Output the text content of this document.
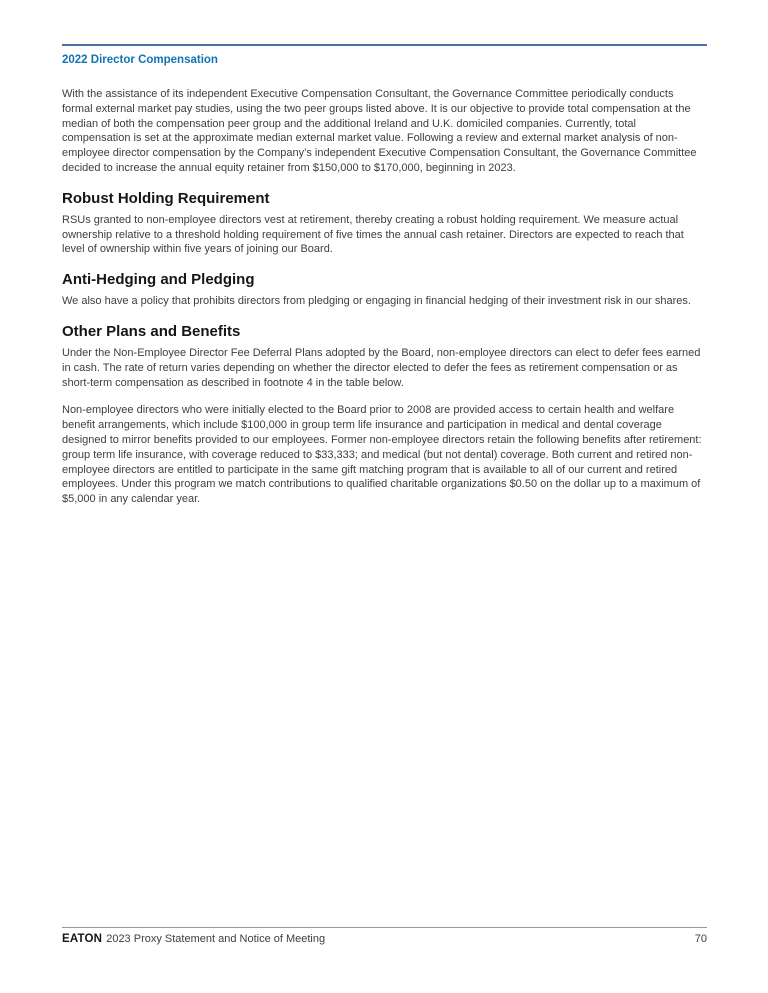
2022 Director Compensation

With the assistance of its independent Executive Compensation Consultant, the Governance Committee periodically conducts formal external market pay studies, using the two peer groups listed above. It is our objective to provide total compensation at the median of both the compensation peer group and the additional Ireland and U.K. domiciled companies. Currently, total compensation is set at the approximate median external market value. Following a review and external market analysis of non-employee director compensation by the Company’s independent Executive Compensation Consultant, the Governance Committee decided to increase the annual equity retainer from $150,000 to $170,000, beginning in 2023.

Robust Holding Requirement

RSUs granted to non-employee directors vest at retirement, thereby creating a robust holding requirement. We measure actual ownership relative to a threshold holding requirement of five times the annual cash retainer. Directors are expected to reach that level of ownership within five years of joining our Board.

Anti-Hedging and Pledging

We also have a policy that prohibits directors from pledging or engaging in financial hedging of their investment risk in our shares.

Other Plans and Benefits

Under the Non-Employee Director Fee Deferral Plans adopted by the Board, non-employee directors can elect to defer fees earned in cash. The rate of return varies depending on whether the director elected to defer the fees as retirement compensation or as short-term compensation as described in footnote 4 in the table below.

Non-employee directors who were initially elected to the Board prior to 2008 are provided access to certain health and welfare benefit arrangements, which include $100,000 in group term life insurance and participation in medical and dental coverage designed to mirror benefits provided to our employees. Former non-employee directors retain the following benefits after retirement: group term life insurance, with coverage reduced to $33,333; and medical (but not dental) coverage. Both current and retired non-employee directors are entitled to participate in the same gift matching program that is available to all of our current and retired employees. Under this program we match contributions to qualified charitable organizations $0.50 on the dollar up to a maximum of $5,000 in any calendar year.

EATON 2023 Proxy Statement and Notice of Meeting	70
